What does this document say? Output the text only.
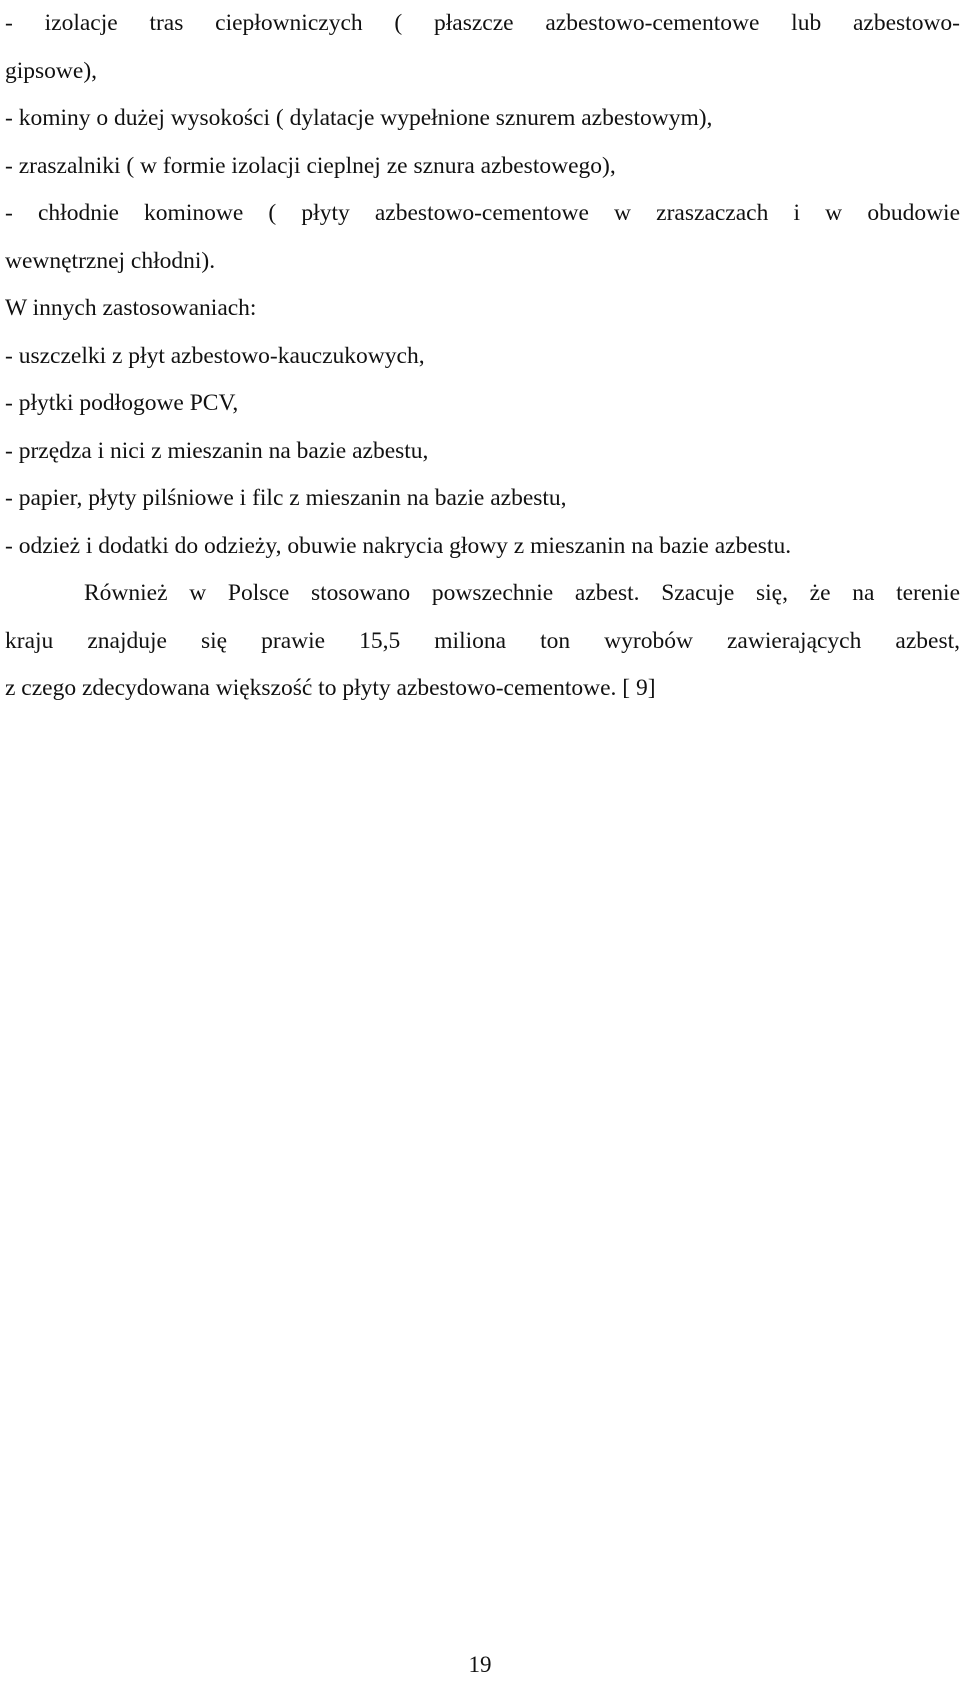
- izolacje tras ciepłowniczych ( płaszcze azbestowo-cementowe lub azbestowo-
gipsowe),
- kominy o dużej wysokości ( dylatacje wypełnione sznurem azbestowym),
- zraszalniki ( w formie izolacji cieplnej ze sznura azbestowego),
- chłodnie kominowe ( płyty azbestowo-cementowe w zraszaczach i w obudowie
wewnętrznej chłodni).
W innych zastosowaniach:
- uszczelki z płyt azbestowo-kauczukowych,
- płytki podłogowe PCV,
- przędza i nici z mieszanin na bazie azbestu,
- papier, płyty pilśniowe i filc z mieszanin na bazie azbestu,
- odzież i dodatki do odzieży, obuwie nakrycia głowy z mieszanin na bazie azbestu.
Również w Polsce stosowano powszechnie azbest. Szacuje się, że na terenie
kraju znajduje się prawie 15,5 miliona ton wyrobów zawierających azbest,
z czego zdecydowana większość to płyty azbestowo-cementowe. [ 9]
19
